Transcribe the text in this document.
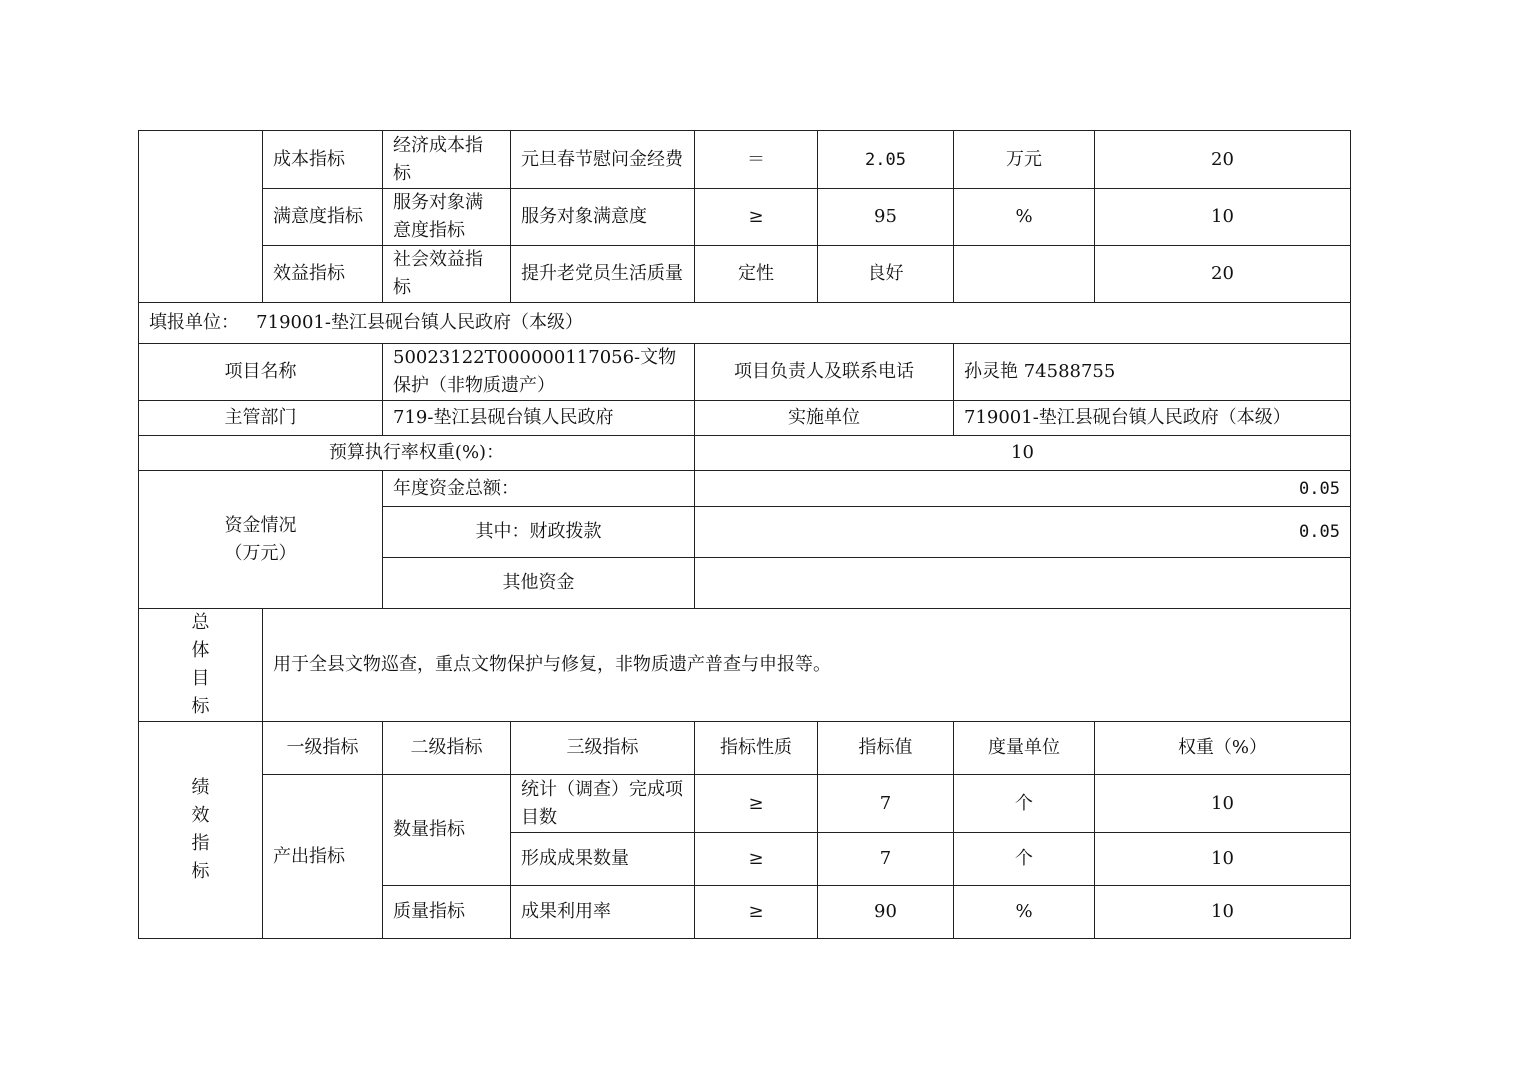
	成本指标	经济成本指标	元旦春节慰问金经费	＝	2.05	万元	20
	满意度指标	服务对象满意度指标	服务对象满意度	≥	95	%	10
	效益指标	社会效益指标	提升老党员生活质量	定性	良好		20
填报单位： 719001-垫江县砚台镇人民政府（本级）							
项目名称		50023122T000000117056-文物保护（非物质遗产）		项目负责人及联系电话		孙灵艳 74588755	
主管部门		719-垫江县砚台镇人民政府		实施单位		719001-垫江县砚台镇人民政府（本级）	
预算执行率权重(%)：				10			

资金情况
（万元）		年度资金总额：		0.05			
		其中：财政拨款		0.05			
		其他资金					

总
体
目
标	用于全县文物巡查，重点文物保护与修复，非物质遗产普查与申报等。						

绩
效
指
标	一级指标	二级指标	三级指标	指标性质	指标值	度量单位	权重（%）
	产出指标	数量指标	统计（调查）完成项目数	≥	7	个	10
			形成成果数量	≥	7	个	10
		质量指标	成果利用率	≥	90	%	10
